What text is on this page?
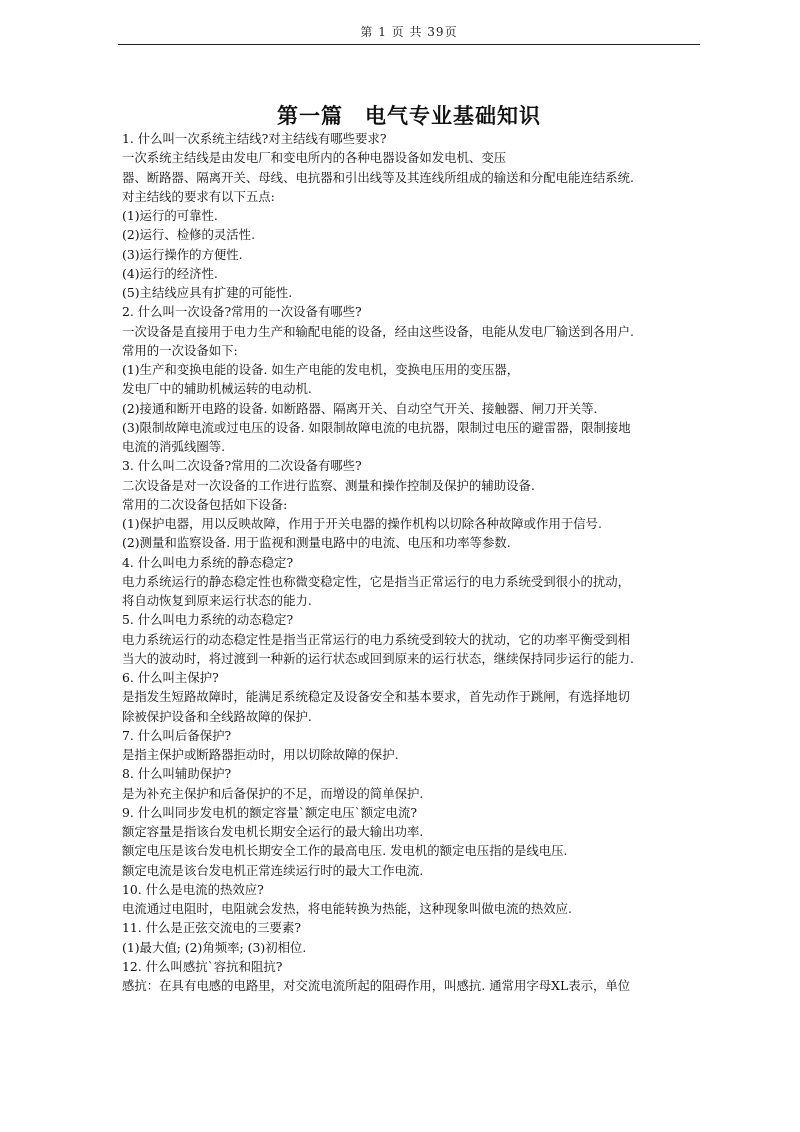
第 1 页 共 39页
第一篇　电气专业基础知识
1. 什么叫一次系统主结线?对主结线有哪些要求?
一次系统主结线是由发电厂和变电所内的各种电器设备如发电机、变压
器、断路器、隔离开关、母线、电抗器和引出线等及其连线所组成的输送和分配电能连结系统.
对主结线的要求有以下五点:
(1)运行的可靠性.
(2)运行、检修的灵活性.
(3)运行操作的方便性.
(4)运行的经济性.
(5)主结线应具有扩建的可能性.
2. 什么叫一次设备?常用的一次设备有哪些?
一次设备是直接用于电力生产和输配电能的设备，经由这些设备，电能从发电厂输送到各用户.
常用的一次设备如下:
(1)生产和变换电能的设备. 如生产电能的发电机，变换电压用的变压器，
发电厂中的辅助机械运转的电动机.
(2)接通和断开电路的设备. 如断路器、隔离开关、自动空气开关、接触器、闸刀开关等.
(3)限制故障电流或过电压的设备. 如限制故障电流的电抗器，限制过电压的避雷器，限制接地
电流的消弧线圈等.
3. 什么叫二次设备?常用的二次设备有哪些?
二次设备是对一次设备的工作进行监察、测量和操作控制及保护的辅助设备.
常用的二次设备包括如下设备:
(1)保护电器，用以反映故障，作用于开关电器的操作机构以切除各种故障或作用于信号.
(2)测量和监察设备. 用于监视和测量电路中的电流、电压和功率等参数.
4. 什么叫电力系统的静态稳定?
电力系统运行的静态稳定性也称微变稳定性，它是指当正常运行的电力系统受到很小的扰动，
将自动恢复到原来运行状态的能力.
5. 什么叫电力系统的动态稳定?
电力系统运行的动态稳定性是指当正常运行的电力系统受到较大的扰动，它的功率平衡受到相
当大的波动时，将过渡到一种新的运行状态或回到原来的运行状态，继续保持同步运行的能力.
6. 什么叫主保护?
是指发生短路故障时，能满足系统稳定及设备安全和基本要求，首先动作于跳闸，有选择地切
除被保护设备和全线路故障的保护.
7. 什么叫后备保护?
是指主保护或断路器拒动时，用以切除故障的保护.
8. 什么叫辅助保护?
是为补充主保护和后备保护的不足，而增设的简单保护.
9. 什么叫同步发电机的额定容量`额定电压`额定电流?
额定容量是指该台发电机长期安全运行的最大输出功率.
额定电压是该台发电机长期安全工作的最高电压. 发电机的额定电压指的是线电压.
额定电流是该台发电机正常连续运行时的最大工作电流.
10. 什么是电流的热效应?
电流通过电阻时，电阻就会发热，将电能转换为热能，这种现象叫做电流的热效应.
11. 什么是正弦交流电的三要素?
(1)最大值; (2)角频率; (3)初相位.
12. 什么叫感抗`容抗和阻抗?
感抗：在具有电感的电路里，对交流电流所起的阻碍作用，叫感抗. 通常用字母XL表示，单位
